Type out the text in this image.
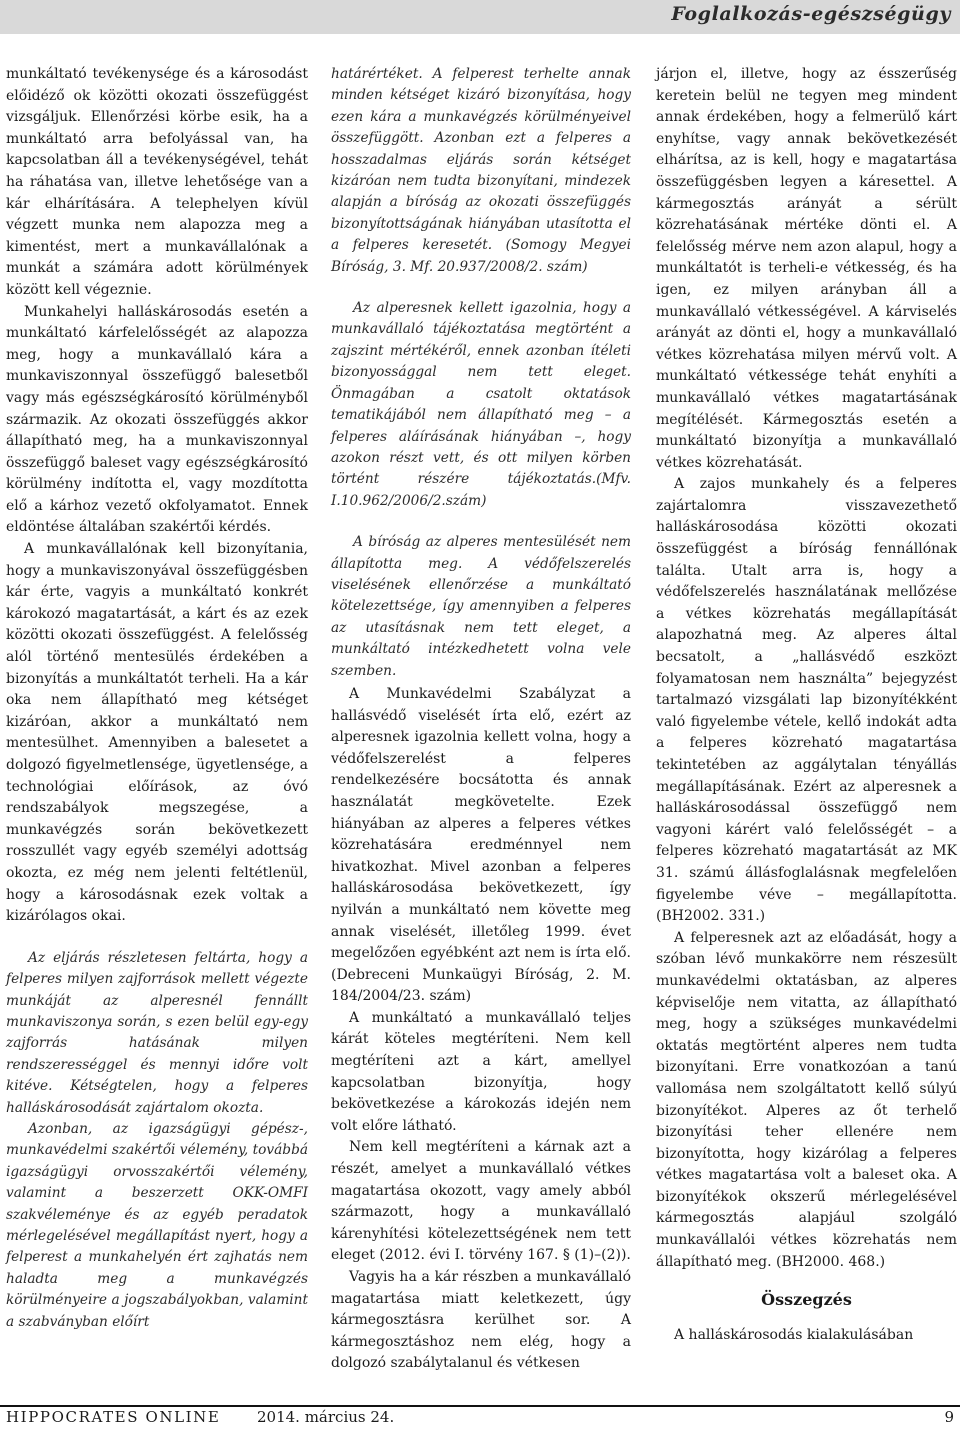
Foglalkozás-egészségügy

munkáltató tevékenysége és a károsodást előidéző ok közötti okozati összefüggést vizsgáljuk. Ellenőrzési körbe esik, ha a munkáltató arra befolyással van, ha kapcsolatban áll a tevékenységével, tehát ha ráhatása van, illetve lehetősége van a kár elhárítására. A telephelyen kívül végzett munka nem alapozza meg a kimentést, mert a munkavállalónak a munkát a számára adott körülmények között kell végeznie.

Munkahelyi halláskárosodás esetén a munkáltató kárfelelősségét az alapozza meg, hogy a munkavállaló kára a munkaviszonnyal összefüggő balesetből vagy más egészségkárosító körülményből származik. Az okozati összefüggés akkor állapítható meg, ha a munkaviszonnyal összefüggő baleset vagy egészségkárosító körülmény indította el, vagy mozdította elő a kárhoz vezető okfolyamatot. Ennek eldöntése általában szakértői kérdés.

A munkavállalónak kell bizonyítania, hogy a munkaviszonyával összefüggésben kár érte, vagyis a munkáltató konkrét károkozó magatartását, a kárt és az ezek közötti okozati összefüggést. A felelősség alól történő mentesülés érdekében a bizonyítás a munkáltatót terheli. Ha a kár oka nem állapítható meg kétséget kizáróan, akkor a munkáltató nem mentesülhet. Amennyiben a balesetet a dolgozó figyelmetlensége, ügyetlensége, a technológiai előírások, az óvó rendszabályok megszegése, a munkavégzés során bekövetkezett rosszullét vagy egyéb személyi adottság okozta, ez még nem jelenti feltétlenül, hogy a károsodásnak ezek voltak a kizárólagos okai.

Az eljárás részletesen feltárta, hogy a felperes milyen zajforrások mellett végezte munkáját az alperesnél fennállt munkaviszonya során, s ezen belül egy-egy zajforrás hatásának milyen rendszerességgel és mennyi időre volt kitéve. Kétségtelen, hogy a felperes halláskárosodását zajártalom okozta.

Azonban, az igazságügyi gépész-, munkavédelmi szakértői vélemény, továbbá igazságügyi orvosszakértői vélemény, valamint a beszerzett OKK-OMFI szakvéleménye és az egyéb peradatok mérlegelésével megállapítást nyert, hogy a felperest a munkahelyén ért zajhatás nem haladta meg a munkavégzés körülményeire a jogszabályokban, valamint a szabványban előírt

határértéket. A felperest terhelte annak minden kétséget kizáró bizonyítása, hogy ezen kára a munkavégzés körülményeivel összefüggött. Azonban ezt a felperes a hosszadalmas eljárás során kétséget kizáróan nem tudta bizonyítani, mindezek alapján a bíróság az okozati összefüggés bizonyítottságának hiányában utasította el a felperes keresetét. (Somogy Megyei Bíróság, 3. Mf. 20.937/2008/2. szám)

Az alperesnek kellett igazolnia, hogy a munkavállaló tájékoztatása megtörtént a zajszint mértékéről, ennek azonban ítéleti bizonyossággal nem tett eleget. Önmagában a csatolt oktatások tematikájából nem állapítható meg – a felperes aláírásának hiányában –, hogy azokon részt vett, és ott milyen körben történt részére tájékoztatás.(Mfv. I.10.962/2006/2.szám)

A bíróság az alperes mentesülését nem állapította meg. A védőfelszerelés viselésének ellenőrzése a munkáltató kötelezettsége, így amennyiben a felperes az utasításnak nem tett eleget, a munkáltató intézkedhetett volna vele szemben.

A Munkavédelmi Szabályzat a hallásvédő viselését írta elő, ezért az alperesnek igazolnia kellett volna, hogy a védőfelszerelést a felperes rendelkezésére bocsátotta és annak használatát megkövetelte. Ezek hiányában az alperes a felperes vétkes közrehatására eredménnyel nem hivatkozhat. Mivel azonban a felperes halláskárosodása bekövetkezett, így nyilván a munkáltató nem követte meg annak viselését, illetőleg 1999. évet megelőzően egyébként azt nem is írta elő. (Debreceni Munkaügyi Bíróság, 2. M. 184/2004/23. szám)

A munkáltató a munkavállaló teljes kárát köteles megtéríteni. Nem kell megtéríteni azt a kárt, amellyel kapcsolatban bizonyítja, hogy bekövetkezése a károkozás idején nem volt előre látható.

Nem kell megtéríteni a kárnak azt a részét, amelyet a munkavállaló vétkes magatartása okozott, vagy amely abból származott, hogy a munkavállaló kárenyhítési kötelezettségének nem tett eleget (2012. évi I. törvény 167. § (1)–(2)).

Vagyis ha a kár részben a munkavállaló magatartása miatt keletkezett, úgy kármegosztásra kerülhet sor. A kármegosztáshoz nem elég, hogy a dolgozó szabálytalanul és vétkesen

járjon el, illetve, hogy az ésszerűség keretein belül ne tegyen meg mindent annak érdekében, hogy a felmerülő kárt enyhítse, vagy annak bekövetkezését elhárítsa, az is kell, hogy e magatartása összefüggésben legyen a káresettel. A kármegosztás arányát a sérült közrehatásának mértéke dönti el. A felelősség mérve nem azon alapul, hogy a munkáltatót is terheli-e vétkesség, és ha igen, ez milyen arányban áll a munkavállaló vétkességével. A kárviselés arányát az dönti el, hogy a munkavállaló vétkes közrehatása milyen mérvű volt. A munkáltató vétkessége tehát enyhíti a munkavállaló vétkes magatartásának megítélését. Kármegosztás esetén a munkáltató bizonyítja a munkavállaló vétkes közrehatását.

A zajos munkahely és a felperes zajártalomra visszavezethető halláskárosodása közötti okozati összefüggést a bíróság fennállónak találta. Utalt arra is, hogy a védőfelszerelés használatának mellőzése a vétkes közrehatás megállapítását alapozhatná meg. Az alperes által becsatolt, a „hallásvédő eszközt folyamatosan nem használta” bejegyzést tartalmazó vizsgálati lap bizonyítékként való figyelembe vétele, kellő indokát adta a felperes közreható magatartása tekintetében az aggálytalan tényállás megállapításának. Ezért az alperesnek a halláskárosodással összefüggő nem vagyoni kárért való felelősségét – a felperes közreható magatartását az MK 31. számú állásfoglalásnak megfelelően figyelembe véve – megállapította. (BH2002. 331.)

A felperesnek azt az előadását, hogy a szóban lévő munkakörre nem részesült munkavédelmi oktatásban, az alperes képviselője nem vitatta, az állapítható meg, hogy a szükséges munkavédelmi oktatás megtörtént alperes nem tudta bizonyítani. Erre vonatkozóan a tanú vallomása nem szolgáltatott kellő súlyú bizonyítékot. Alperes az őt terhelő bizonyítási teher ellenére nem bizonyította, hogy kizárólag a felperes vétkes magatartása volt a baleset oka. A bizonyítékok okszerű mérlegelésével kármegosztás alapjául szolgáló munkavállalói vétkes közrehatás nem állapítható meg. (BH2000. 468.)

Összegzés

A halláskárosodás kialakulásában

HIPPOCRATES ONLINE 2014. március 24.	9
